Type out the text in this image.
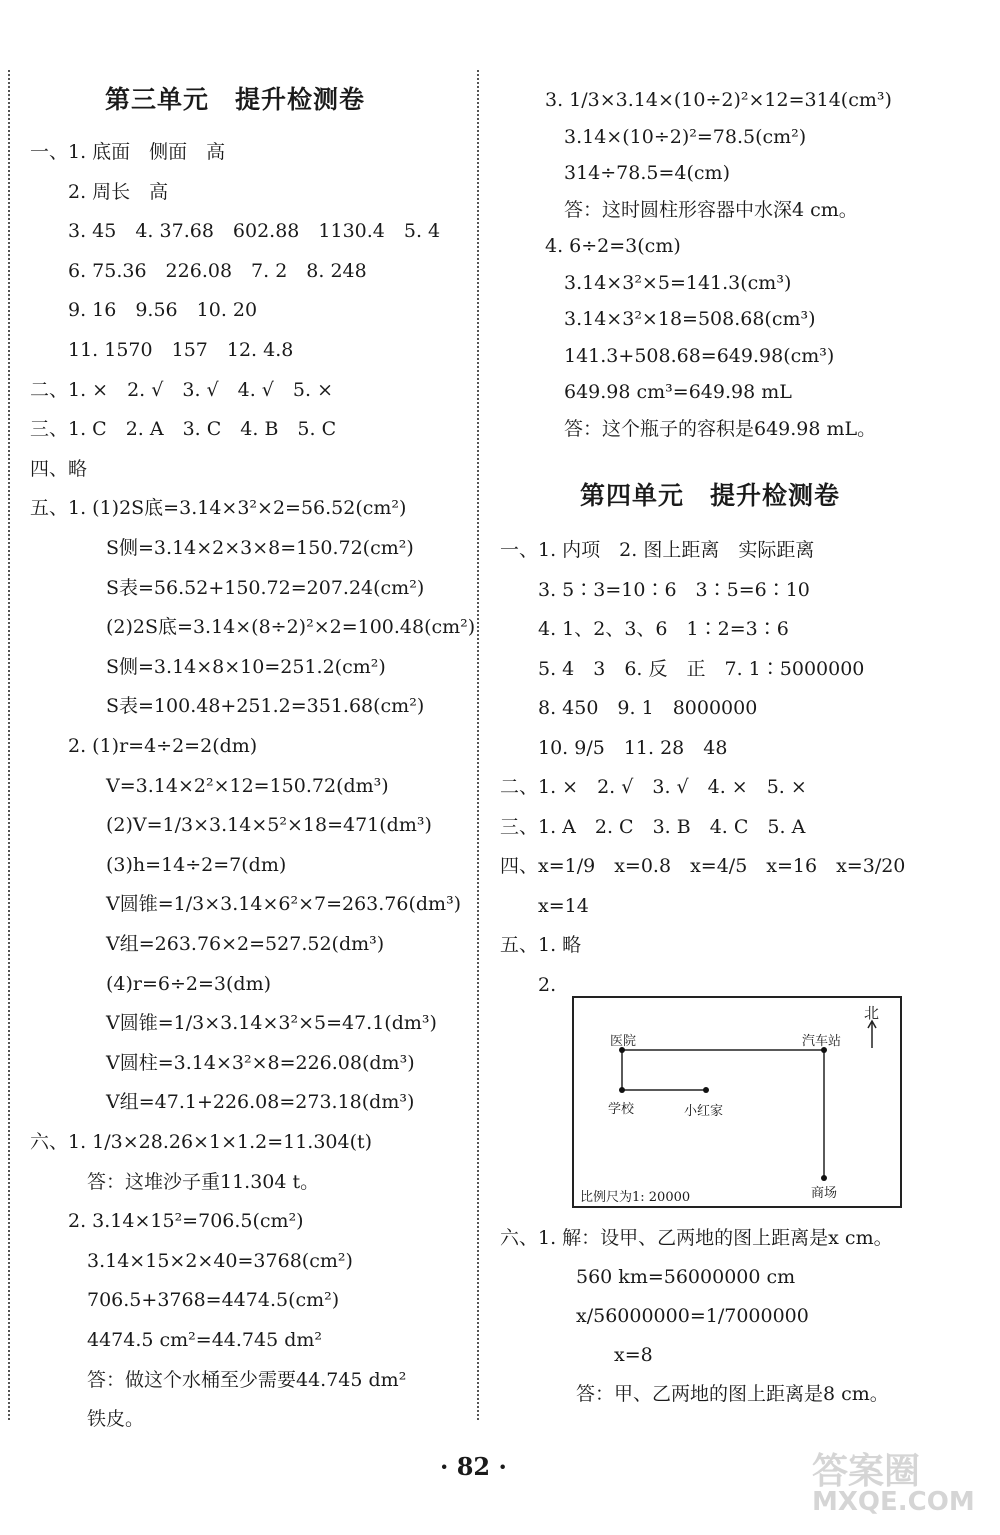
第三单元　提升检测卷
一、1. 底面　侧面　高
　　2. 周长　高
　　3. 45　4. 37.68　602.88　1130.4　5. 4
　　6. 75.36　226.08　7. 2　8. 248
　　9. 16　9.56　10. 20
　　11. 1570　157　12. 4.8
二、1. ×　2. √　3. √　4. √　5. ×
三、1. C　2. A　3. C　4. B　5. C
四、略
五、1. (1)2S底=3.14×3²×2=56.52(cm²)
　　　　S侧=3.14×2×3×8=150.72(cm²)
　　　　S表=56.52+150.72=207.24(cm²)
　　　　(2)2S底=3.14×(8÷2)²×2=100.48(cm²)
　　　　S侧=3.14×8×10=251.2(cm²)
　　　　S表=100.48+251.2=351.68(cm²)
　　2. (1)r=4÷2=2(dm)
　　　　V=3.14×2²×12=150.72(dm³)
　　　　(2)V=1/3×3.14×5²×18=471(dm³)
　　　　(3)h=14÷2=7(dm)
　　　　V圆锥=1/3×3.14×6²×7=263.76(dm³)
　　　　V组=263.76×2=527.52(dm³)
　　　　(4)r=6÷2=3(dm)
　　　　V圆锥=1/3×3.14×3²×5=47.1(dm³)
　　　　V圆柱=3.14×3²×8=226.08(dm³)
　　　　V组=47.1+226.08=273.18(dm³)
六、1. 1/3×28.26×1×1.2=11.304(t)
　　　答：这堆沙子重11.304 t。
　　2. 3.14×15²=706.5(cm²)
　　　3.14×15×2×40=3768(cm²)
　　　706.5+3768=4474.5(cm²)
　　　4474.5 cm²=44.745 dm²
　　　答：做这个水桶至少需要44.745 dm²
　　　铁皮。
3. 1/3×3.14×(10÷2)²×12=314(cm³)
　3.14×(10÷2)²=78.5(cm²)
　314÷78.5=4(cm)
　答：这时圆柱形容器中水深4 cm。
4. 6÷2=3(cm)
　3.14×3²×5=141.3(cm³)
　3.14×3²×18=508.68(cm³)
　141.3+508.68=649.98(cm³)
　649.98 cm³=649.98 mL
　答：这个瓶子的容积是649.98 mL。
第四单元　提升检测卷
一、1. 内项　2. 图上距离　实际距离
　　3. 5∶3=10∶6　3∶5=6∶10
　　4. 1、2、3、6　1∶2=3∶6
　　5. 4　3　6. 反　正　7. 1∶5000000
　　8. 450　9. 1　8000000
　　10. 9/5　11. 28　48
二、1. ×　2. √　3. √　4. ×　5. ×
三、1. A　2. C　3. B　4. C　5. A
四、x=1/9　x=0.8　x=4/5　x=16　x=3/20
　　x=14
五、1. 略
　　2.
六、1. 解：设甲、乙两地的图上距离是x cm。
　　　　560 km=56000000 cm
　　　　x/56000000=1/7000000
　　　　　　x=8
　　　　答：甲、乙两地的图上距离是8 cm。
北
医院	汽车站
学校	小红家
商场
比例尺为1: 20000
· 82 ·	答案圈
MXQE.COM
